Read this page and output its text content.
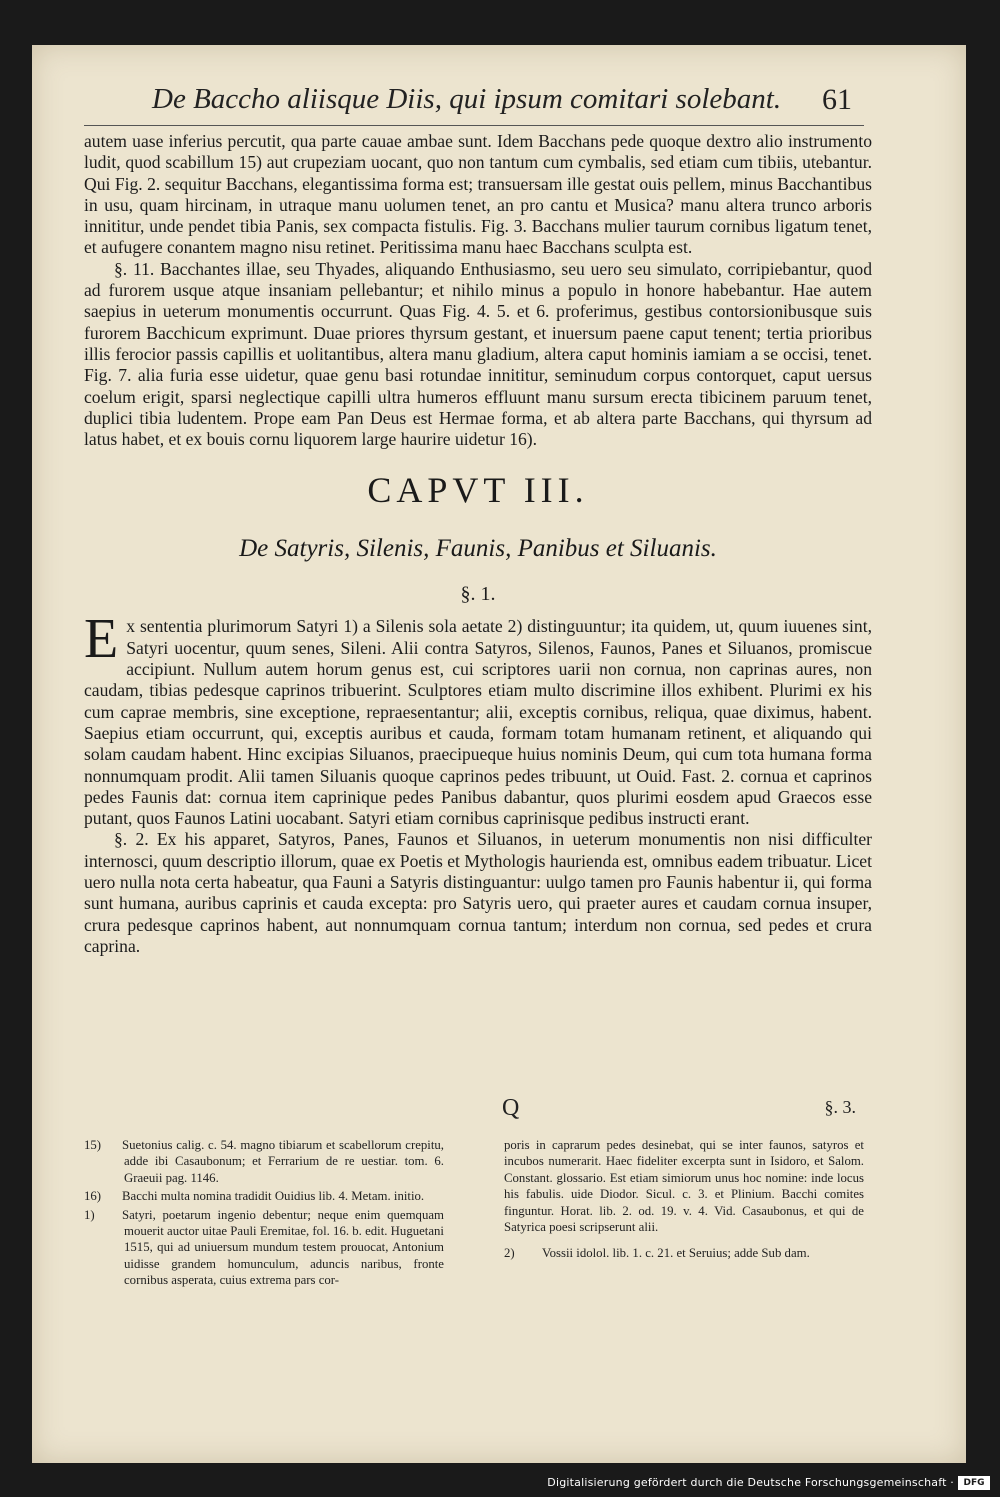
De Baccho aliisque Diis, qui ipsum comitari solebant. 61

autem uase inferius percutit, qua parte cauae ambae sunt. Idem Bacchans pede quoque dextro alio instrumento ludit, quod scabillum 15) aut crupeziam uocant, quo non tantum cum cymbalis, sed etiam cum tibiis, utebantur. Qui Fig. 2. sequitur Bacchans, elegantissima forma est; transuersam ille gestat ouis pellem, minus Bacchantibus in usu, quam hircinam, in utraque manu uolumen tenet, an pro cantu et Musica? manu altera trunco arboris innititur, unde pendet tibia Panis, sex compacta fistulis. Fig. 3. Bacchans mulier taurum cornibus ligatum tenet, et aufugere conantem magno nisu retinet. Peritissima manu haec Bacchans sculpta est.

§. 11. Bacchantes illae, seu Thyades, aliquando Enthusiasmo, seu uero seu simulato, corripiebantur, quod ad furorem usque atque insaniam pellebantur; et nihilo minus a populo in honore habebantur. Hae autem saepius in ueterum monumentis occurrunt. Quas Fig. 4. 5. et 6. proferimus, gestibus contorsionibusque suis furorem Bacchicum exprimunt. Duae priores thyrsum gestant, et inuersum paene caput tenent; tertia prioribus illis ferocior passis capillis et uolitantibus, altera manu gladium, altera caput hominis iamiam a se occisi, tenet. Fig. 7. alia furia esse uidetur, quae genu basi rotundae innititur, seminudum corpus contorquet, caput uersus coelum erigit, sparsi neglectique capilli ultra humeros effluunt manu sursum erecta tibicinem paruum tenet, duplici tibia ludentem. Prope eam Pan Deus est Hermae forma, et ab altera parte Bacchans, qui thyrsum ad latus habet, et ex bouis cornu liquorem large haurire uidetur 16).

CAPVT III.
De Satyris, Silenis, Faunis, Panibus et Siluanis.
§. 1.

Ex sententia plurimorum Satyri 1) a Silenis sola aetate 2) distinguuntur; ita quidem, ut, quum iuuenes sint, Satyri uocentur, quum senes, Sileni. Alii contra Satyros, Silenos, Faunos, Panes et Siluanos, promiscue accipiunt. Nullum autem horum genus est, cui scriptores uarii non cornua, non caprinas aures, non caudam, tibias pedesque caprinos tribuerint. Sculptores etiam multo discrimine illos exhibent. Plurimi ex his cum caprae membris, sine exceptione, repraesentantur; alii, exceptis cornibus, reliqua, quae diximus, habent. Saepius etiam occurrunt, qui, exceptis auribus et cauda, formam totam humanam retinent, et aliquando qui solam caudam habent. Hinc excipias Siluanos, praecipueque huius nominis Deum, qui cum tota humana forma nonnumquam prodit. Alii tamen Siluanis quoque caprinos pedes tribuunt, ut Ouid. Fast. 2. cornua et caprinos pedes Faunis dat: cornua item caprinique pedes Panibus dabantur, quos plurimi eosdem apud Graecos esse putant, quos Faunos Latini uocabant. Satyri etiam cornibus caprinisque pedibus instructi erant.

§. 2. Ex his apparet, Satyros, Panes, Faunos et Siluanos, in ueterum monumentis non nisi difficulter internosci, quum descriptio illorum, quae ex Poetis et Mythologis haurienda est, omnibus eadem tribuatur. Licet uero nulla nota certa habeatur, qua Fauni a Satyris distinguantur: uulgo tamen pro Faunis habentur ii, qui forma sunt humana, auribus caprinis et cauda excepta: pro Satyris uero, qui praeter aures et caudam cornua insuper, crura pedesque caprinos habent, aut nonnumquam cornua tantum; interdum non cornua, sed pedes et crura caprina.

Q	§. 3.
15) Suetonius calig. c. 54. magno tibiarum et scabellorum crepitu, adde ibi Casaubonum; et Ferrarium de re uestiar. tom. 6. Graeuii pag. 1146.
16) Bacchi multa nomina tradidit Ouidius lib. 4. Metam. initio.
1) Satyri, poetarum ingenio debentur; neque enim quemquam mouerit auctor uitae Pauli Eremitae, fol. 16. b. edit. Huguetani 1515, qui ad uniuersum mundum testem prouocat, Antonium uidisse grandem homunculum, aduncis naribus, fronte cornibus asperata, cuius extrema pars cor-
poris in caprarum pedes desinebat, qui se inter faunos, satyros et incubos numerarit. Haec fideliter excerpta sunt in Isidoro, et Salom. Constant. glossario. Est etiam simiorum unus hoc nomine: inde locus his fabulis. uide Diodor. Sicul. c. 3. et Plinium. Bacchi comites finguntur. Horat. lib. 2. od. 19. v. 4. Vid. Casaubonus, et qui de Satyrica poesi scripserunt alii.
2) Vossii idolol. lib. 1. c. 21. et Seruius; adde Sub dam.
Digitalisierung gefördert durch die Deutsche Forschungsgemeinschaft ·	DFG
